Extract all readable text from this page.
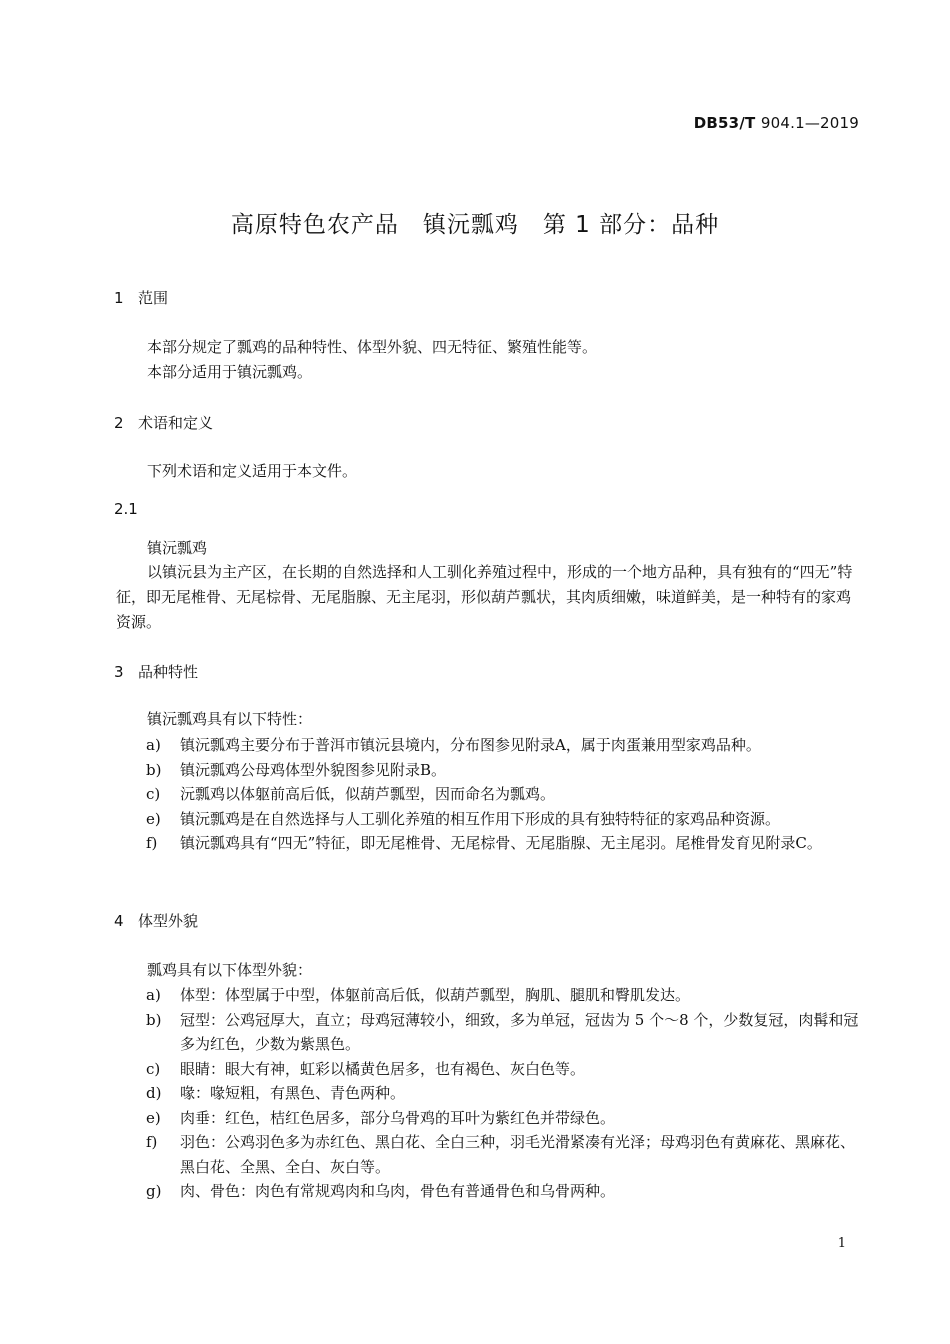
DB53/T 904.1—2019
高原特色农产品　镇沅瓢鸡　第 1 部分：品种
1 范围
本部分规定了瓢鸡的品种特性、体型外貌、四无特征、繁殖性能等。
本部分适用于镇沅瓢鸡。
2 术语和定义
下列术语和定义适用于本文件。
2.1
镇沅瓢鸡
以镇沅县为主产区，在长期的自然选择和人工驯化养殖过程中，形成的一个地方品种，具有独有的“四无”特征，即无尾椎骨、无尾棕骨、无尾脂腺、无主尾羽，形似葫芦瓢状，其肉质细嫩，味道鲜美，是一种特有的家鸡资源。
3 品种特性
镇沅瓢鸡具有以下特性：
a) 镇沅瓢鸡主要分布于普洱市镇沅县境内，分布图参见附录A，属于肉蛋兼用型家鸡品种。
b) 镇沅瓢鸡公母鸡体型外貌图参见附录B。
c) 沅瓢鸡以体躯前高后低，似葫芦瓢型，因而命名为瓢鸡。
e) 镇沅瓢鸡是在自然选择与人工驯化养殖的相互作用下形成的具有独特特征的家鸡品种资源。
f) 镇沅瓢鸡具有“四无”特征，即无尾椎骨、无尾棕骨、无尾脂腺、无主尾羽。尾椎骨发育见附录C。
4 体型外貌
瓢鸡具有以下体型外貌：
a) 体型：体型属于中型，体躯前高后低，似葫芦瓢型，胸肌、腿肌和臀肌发达。
b) 冠型：公鸡冠厚大，直立；母鸡冠薄较小，细致，多为单冠，冠齿为 5 个～8 个，少数复冠，肉髯和冠多为红色，少数为紫黑色。
c) 眼睛：眼大有神，虹彩以橘黄色居多，也有褐色、灰白色等。
d) 喙：喙短粗，有黑色、青色两种。
e) 肉垂：红色，桔红色居多，部分乌骨鸡的耳叶为紫红色并带绿色。
f) 羽色：公鸡羽色多为赤红色、黑白花、全白三种，羽毛光滑紧凑有光泽；母鸡羽色有黄麻花、黑麻花、黑白花、全黑、全白、灰白等。
g) 肉、骨色：肉色有常规鸡肉和乌肉，骨色有普通骨色和乌骨两种。
1
